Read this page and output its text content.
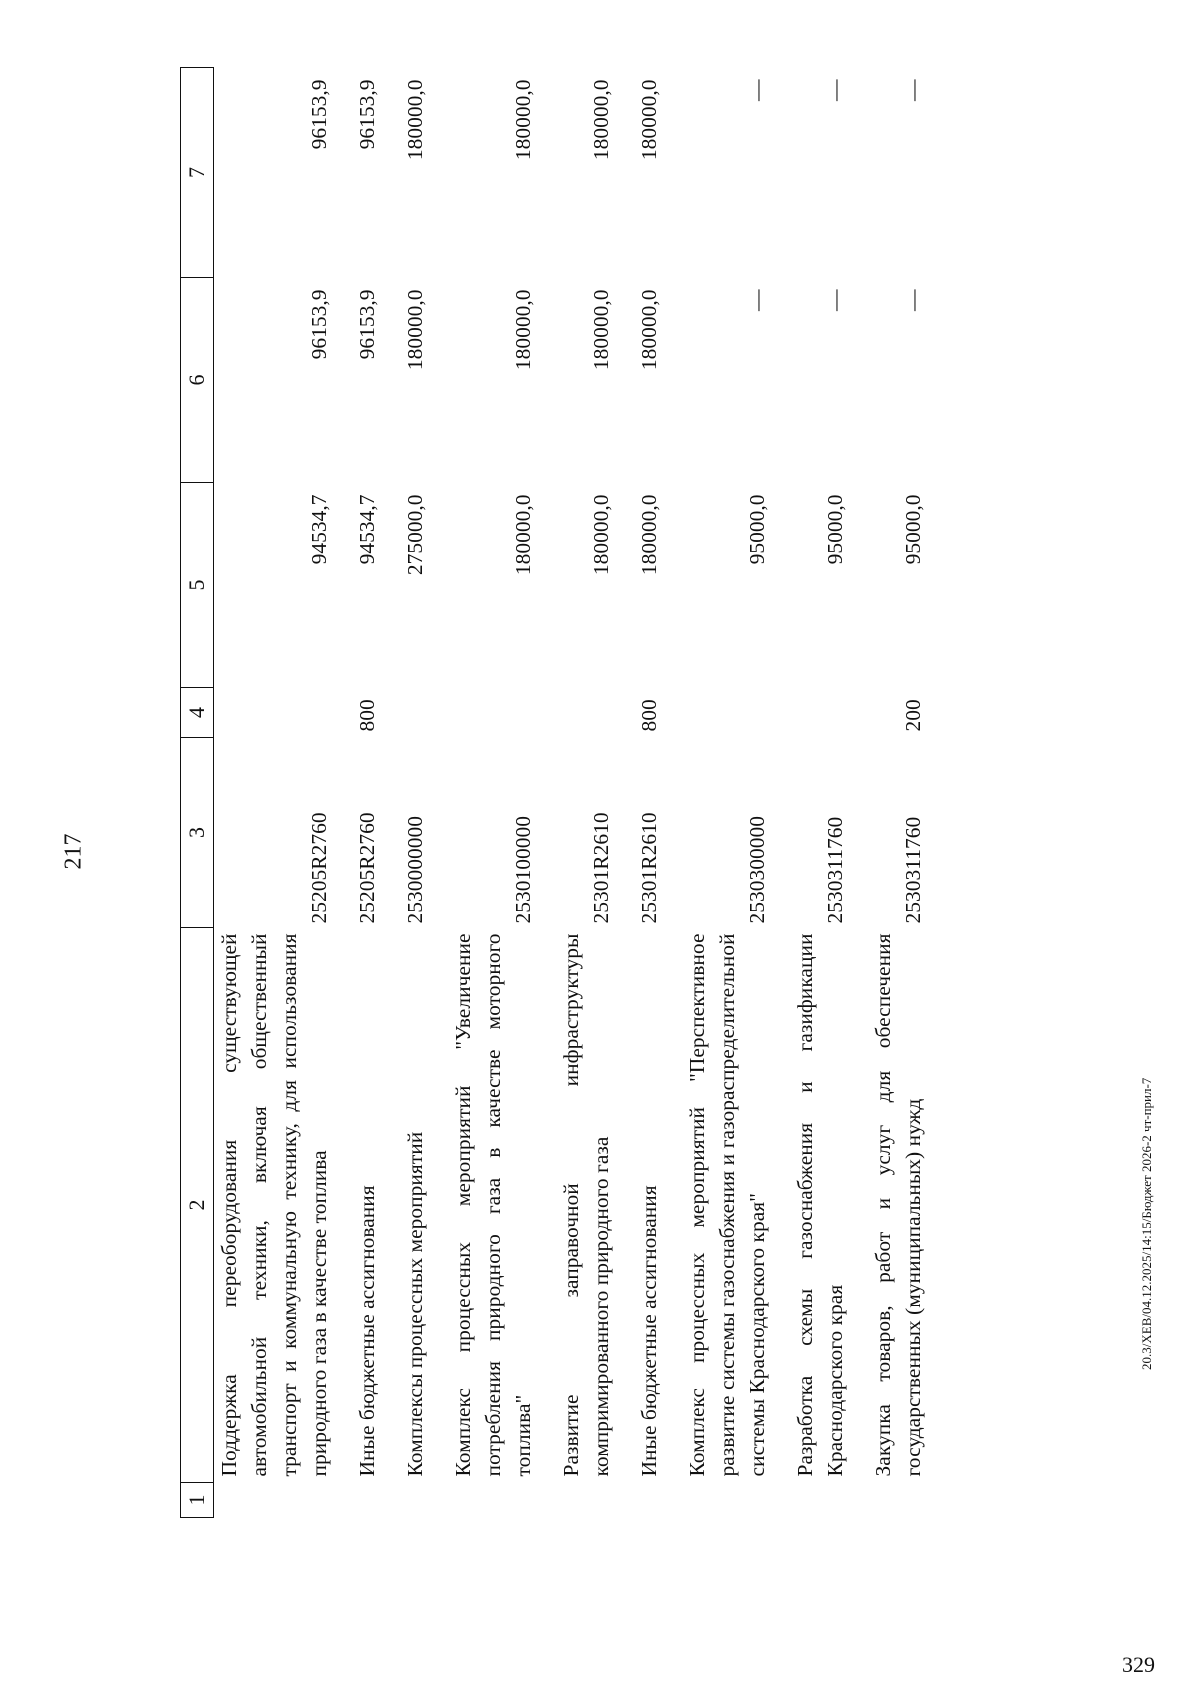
217
1	2	3	4	5	6	7
	Поддержка переоборудования существующей автомобильной техники, включая общественный транспорт и коммунальную технику, для использования природного газа в качестве топлива	25205R2760		94534,7	96153,9	96153,9

	Иные бюджетные ассигнования	25205R2760	800	94534,7	96153,9	96153,9

	Комплексы процессных мероприятий	2530000000		275000,0	180000,0	180000,0

	Комплекс процессных мероприятий "Увеличение потребления природного газа в качестве моторного топлива"	2530100000		180000,0	180000,0	180000,0

	Развитие заправочной инфраструктуры компримированного природного газа	25301R2610		180000,0	180000,0	180000,0

	Иные бюджетные ассигнования	25301R2610	800	180000,0	180000,0	180000,0

	Комплекс процессных мероприятий "Перспективное развитие системы газоснабжения и газораспределительной системы Краснодарского края"	2530300000		95000,0	—	—

	Разработка схемы газоснабжения и газификации Краснодарского края	2530311760		95000,0	—	—

	Закупка товаров, работ и услуг для обеспечения государственных (муниципальных) нужд	2530311760	200	95000,0	—	—
20.3/XEB/04.12.2025/14:15/Бюджет 2026-2 чт-прил-7
329
